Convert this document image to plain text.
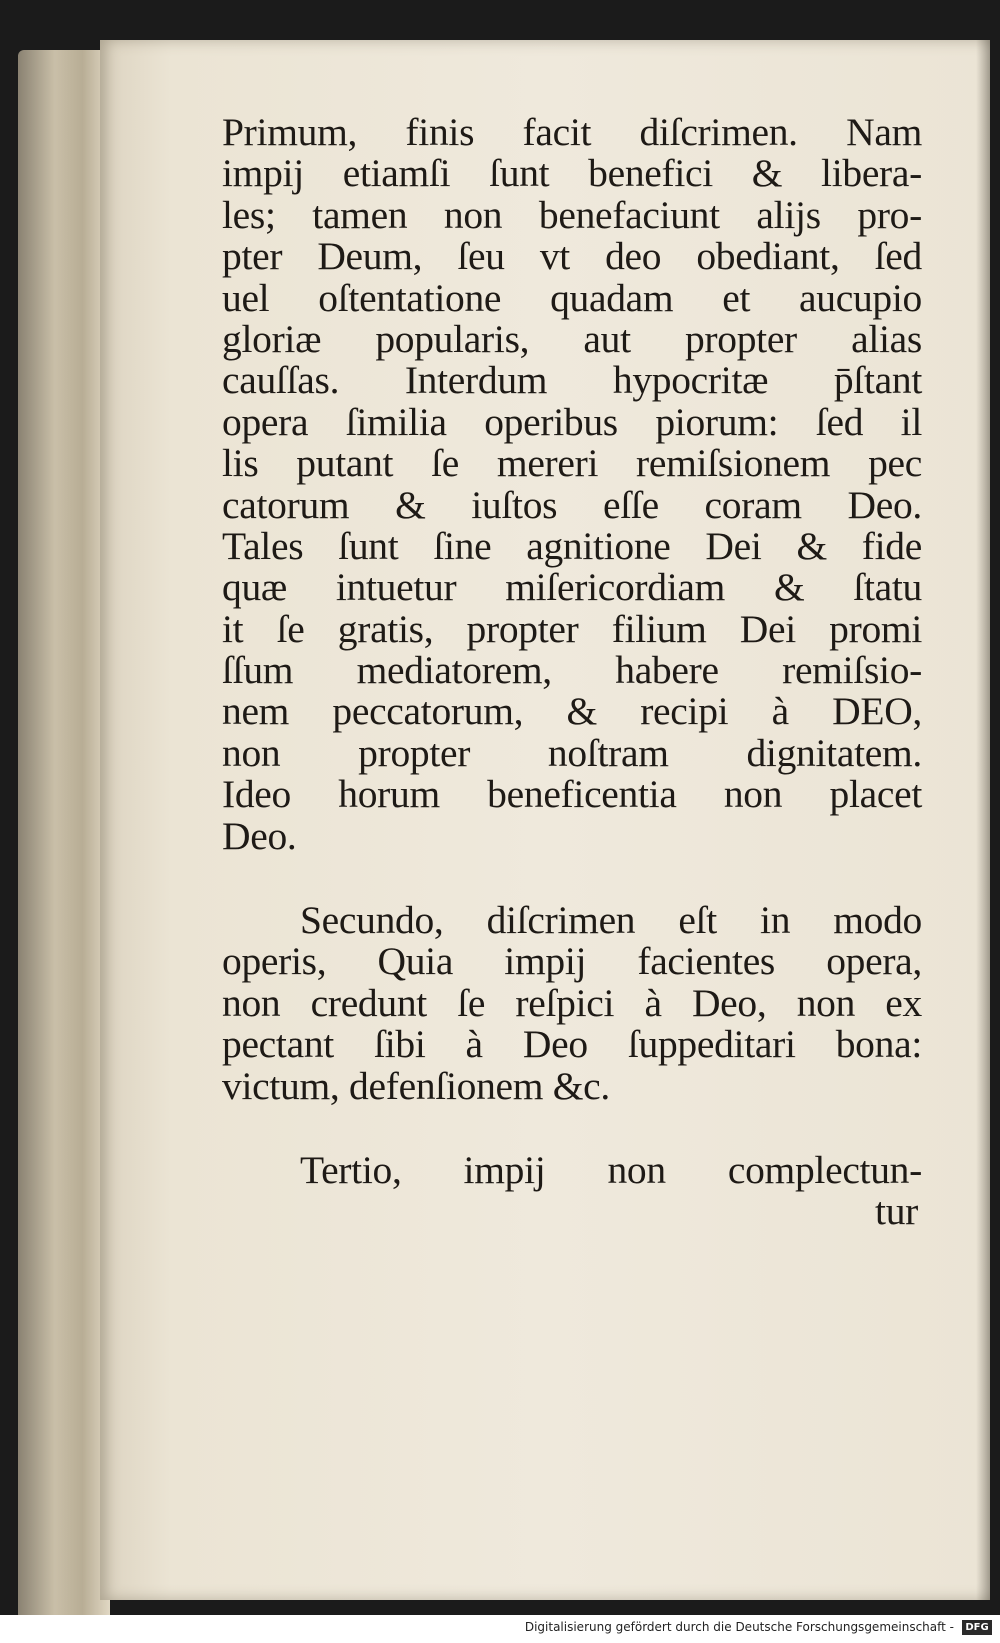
Primum, finis facit diſcrimen. Nam
impij etiamſi ſunt benefici & libera-
les; tamen non benefaciunt alijs pro-
pter Deum, ſeu vt deo obediant, ſed
uel oſtentatione quadam et aucupio
gloriæ popularis, aut propter alias
cauſſas. Interdum hypocritæ p̄ſtant
opera ſimilia operibus piorum: ſed il
lis putant ſe mereri remiſsionem pec
catorum & iuſtos eſſe coram Deo.
Tales ſunt ſine agnitione Dei & fide
quæ intuetur miſericordiam & ſtatu
it ſe gratis, propter filium Dei promi
ſſum mediatorem, habere remiſsio-
nem peccatorum, & recipi à DEO,
non propter noſtram dignitatem.
Ideo horum beneficentia non placet
Deo.
Secundo, diſcrimen eſt in modo
operis, Quia impij facientes opera,
non credunt ſe reſpici à Deo, non ex
pectant ſibi à Deo ſuppeditari bona:
victum, defenſionem &c.
Tertio, impij non complectun-
tur
Digitalisierung gefördert durch die Deutsche Forschungsgemeinschaft -	DFG
